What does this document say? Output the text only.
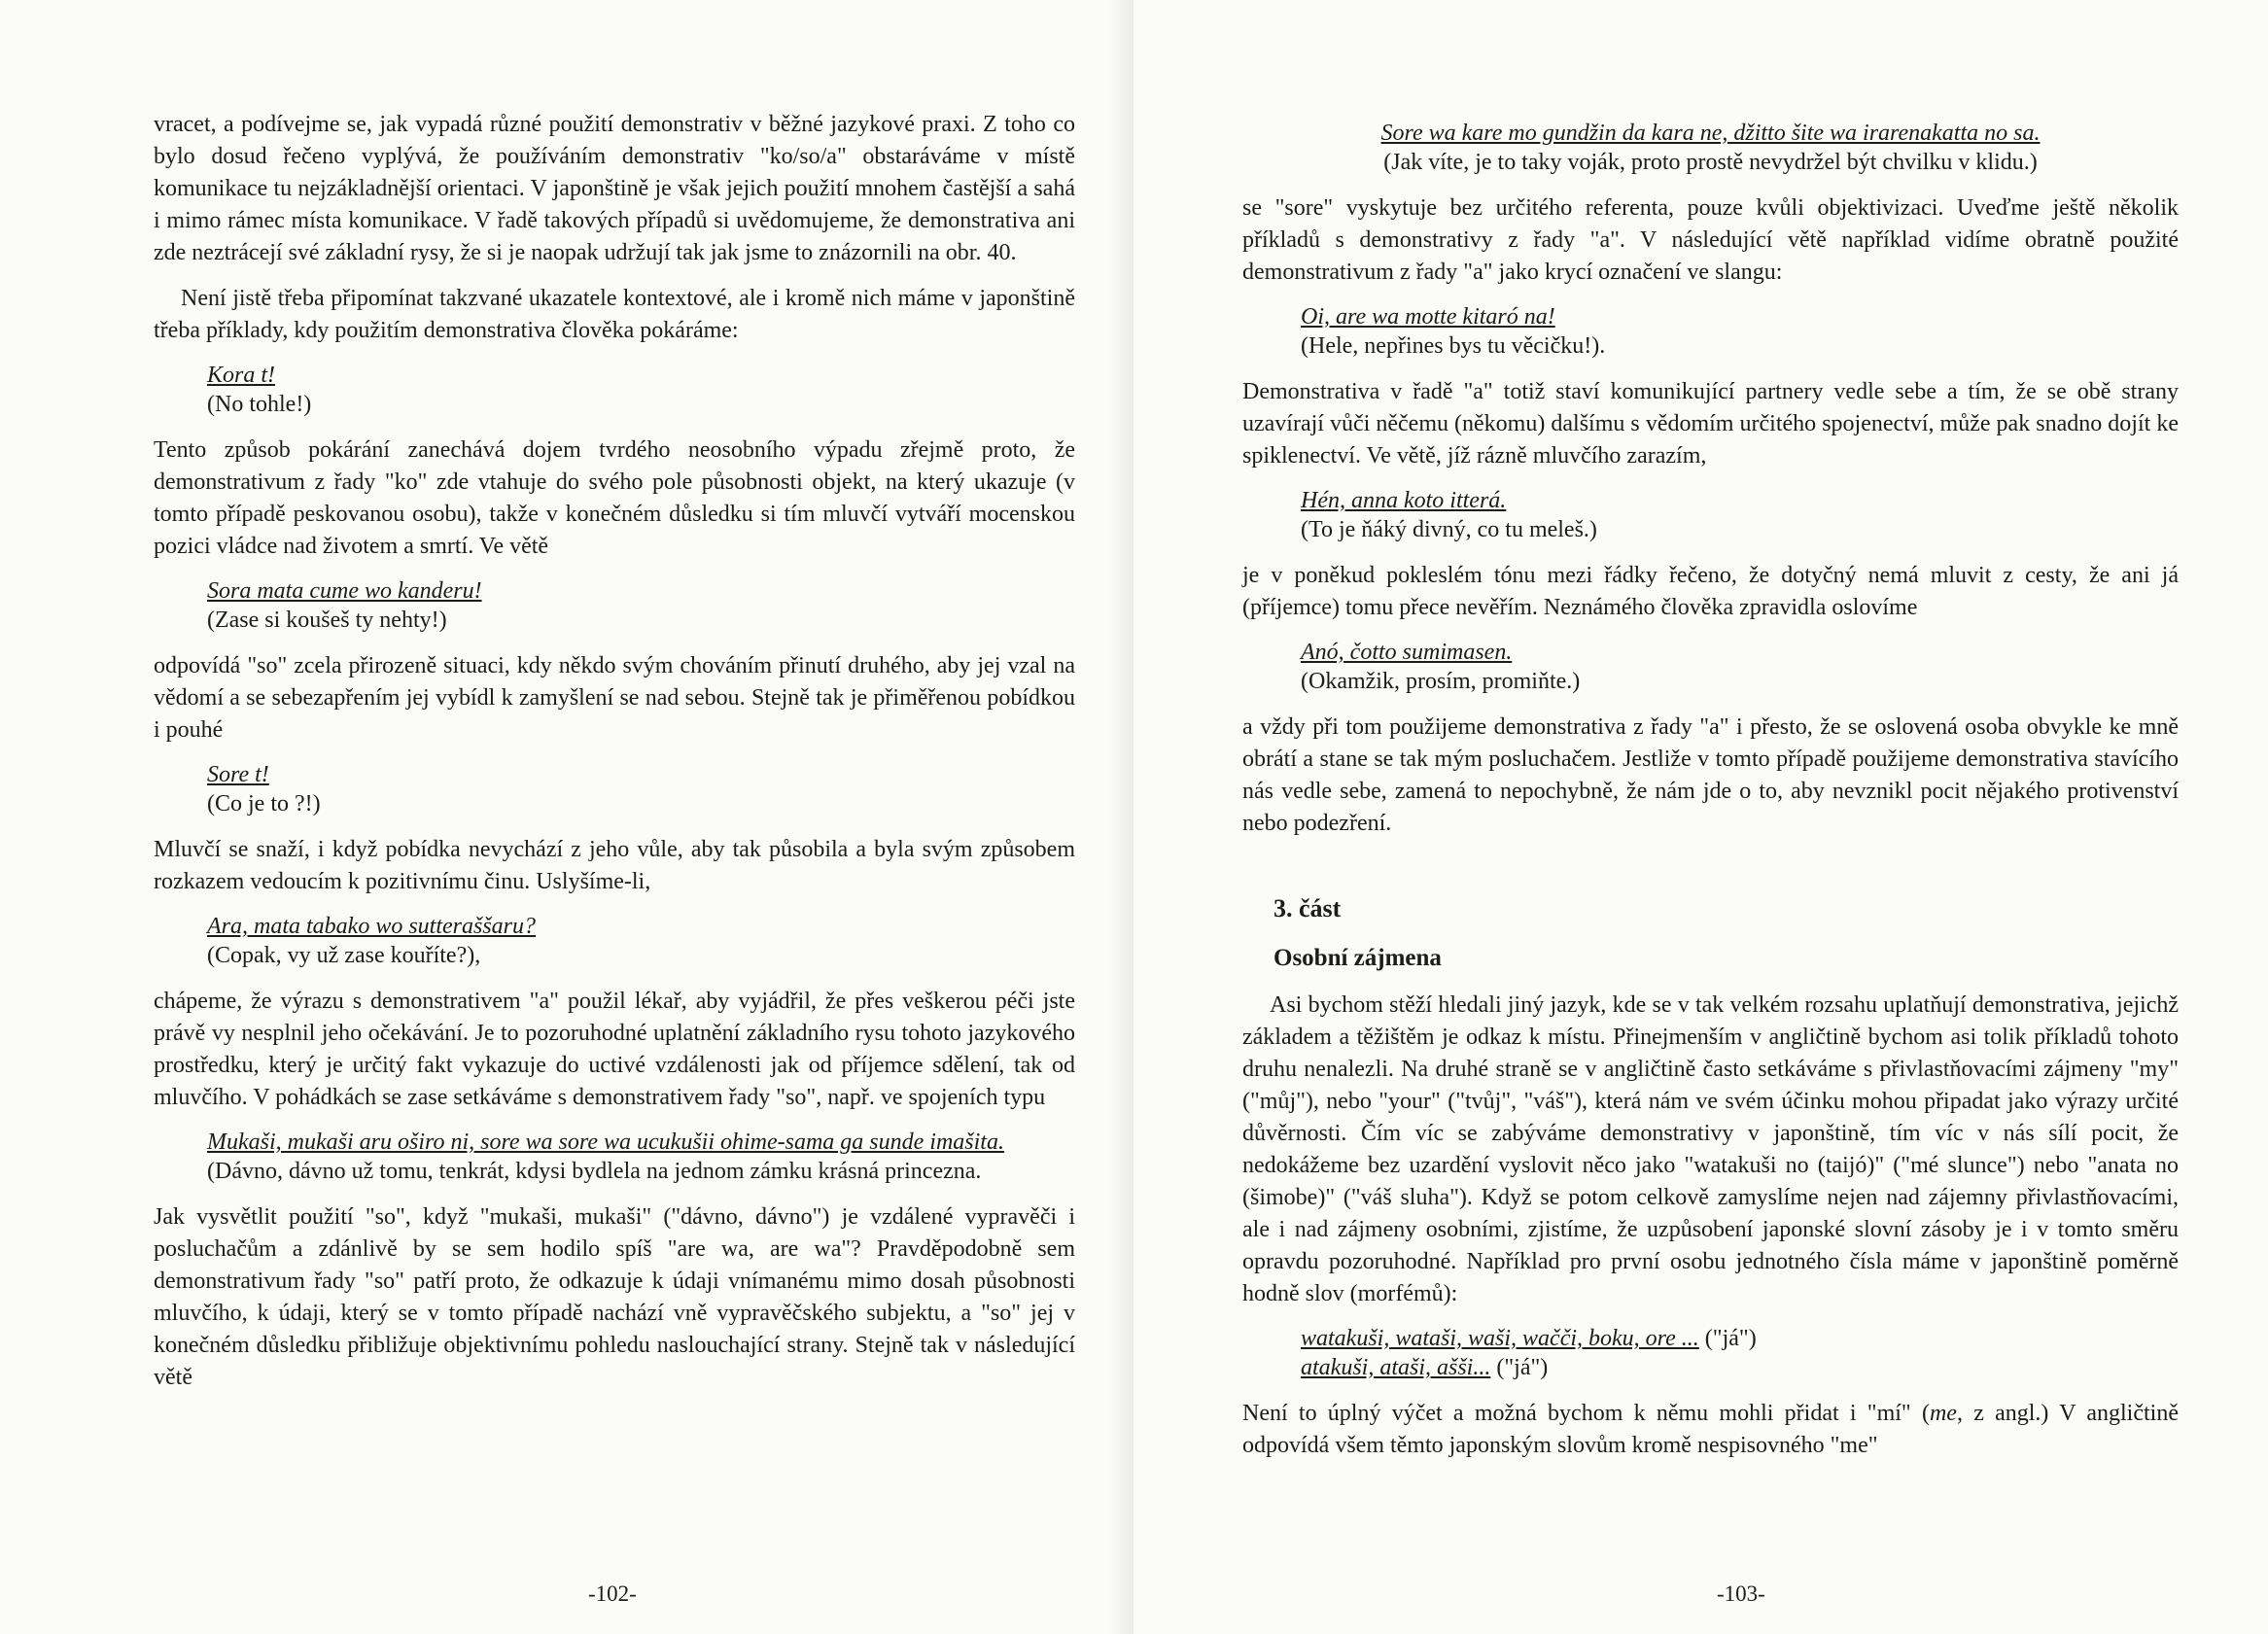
vracet, a podívejme se, jak vypadá různé použití demonstrativ v běžné jazykové praxi. Z toho co bylo dosud řečeno vyplývá, že používáním demonstrativ "ko/so/a" obstaráváme v místě komunikace tu nejzákladnější orientaci. V japonštině je však jejich použití mnohem častější a sahá i mimo rámec místa komunikace. V řadě takových případů si uvědomujeme, že demonstrativa ani zde neztrácejí své základní rysy, že si je naopak udržují tak jak jsme to znázornili na obr. 40.

Není jistě třeba připomínat takzvané ukazatele kontextové, ale i kromě nich máme v japonštině třeba příklady, kdy použitím demonstrativa člověka pokáráme:

Kora t!
(No tohle!)

Tento způsob pokárání zanechává dojem tvrdého neosobního výpadu zřejmě proto, že demonstrativum z řady "ko" zde vtahuje do svého pole působnosti objekt, na který ukazuje (v tomto případě peskovanou osobu), takže v konečném důsledku si tím mluvčí vytváří mocenskou pozici vládce nad životem a smrtí. Ve větě

Sora mata cume wo kanderu!
(Zase si koušeš ty nehty!)

odpovídá "so" zcela přirozeně situaci, kdy někdo svým chováním přinutí druhého, aby jej vzal na vědomí a se sebezapřením jej vybídl k zamyšlení se nad sebou. Stejně tak je přiměřenou pobídkou i pouhé

Sore t!
(Co je to ?!)

Mluvčí se snaží, i když pobídka nevychází z jeho vůle, aby tak působila a byla svým způsobem rozkazem vedoucím k pozitivnímu činu. Uslyšíme-li,

Ara, mata tabako wo sutteraššaru?
(Copak, vy už zase kouříte?),

chápeme, že výrazu s demonstrativem "a" použil lékař, aby vyjádřil, že přes veškerou péči jste právě vy nesplnil jeho očekávání. Je to pozoruhodné uplatnění základního rysu tohoto jazykového prostředku, který je určitý fakt vykazuje do uctivé vzdálenosti jak od příjemce sdělení, tak od mluvčího. V pohádkách se zase setkáváme s demonstrativem řady "so", např. ve spojeních typu

Mukaši, mukaši aru oširo ni, sore wa sore wa ucukušii ohime-sama ga sunde imašita.
(Dávno, dávno už tomu, tenkrát, kdysi bydlela na jednom zámku krásná princezna.

Jak vysvětlit použití "so", když "mukaši, mukaši" ("dávno, dávno") je vzdálené vypravěči i posluchačům a zdánlivě by se sem hodilo spíš "are wa, are wa"? Pravděpodobně sem demonstrativum řady "so" patří proto, že odkazuje k údaji vnímanému mimo dosah působnosti mluvčího, k údaji, který se v tomto případě nachází vně vypravěčského subjektu, a "so" jej v konečném důsledku přibližuje objektivnímu pohledu naslouchající strany. Stejně tak v následující větě

-102-
Sore wa kare mo gundžin da kara ne, džitto šite wa irarenakatta no sa.
(Jak víte, je to taky voják, proto prostě nevydržel být chvilku v klidu.)

se "sore" vyskytuje bez určitého referenta, pouze kvůli objektivizaci. Uveďme ještě několik příkladů s demonstrativy z řady "a". V následující větě například vidíme obratně použité demonstrativum z řady "a" jako krycí označení ve slangu:

Oi, are wa motte kitaró na!
(Hele, nepřines bys tu věcičku!).

Demonstrativa v řadě "a" totiž staví komunikující partnery vedle sebe a tím, že se obě strany uzavírají vůči něčemu (někomu) dalšímu s vědomím určitého spojenectví, může pak snadno dojít ke spiklenectví. Ve větě, jíž rázně mluvčího zarazím,

Hén, anna koto itterá.
(To je ňáký divný, co tu meleš.)

je v poněkud pokleslém tónu mezi řádky řečeno, že dotyčný nemá mluvit z cesty, že ani já (příjemce) tomu přece nevěřím. Neznámého člověka zpravidla oslovíme

Anó, čotto sumimasen.
(Okamžik, prosím, promiňte.)

a vždy při tom použijeme demonstrativa z řady "a" i přesto, že se oslovená osoba obvykle ke mně obrátí a stane se tak mým posluchačem. Jestliže v tomto případě použijeme demonstrativa stavícího nás vedle sebe, zamená to nepochybně, že nám jde o to, aby nevznikl pocit nějakého protivenství nebo podezření.

3. část
Osobní zájmena

Asi bychom stěží hledali jiný jazyk, kde se v tak velkém rozsahu uplatňují demonstrativa, jejichž základem a těžištěm je odkaz k místu. Přinejmenším v angličtině bychom asi tolik příkladů tohoto druhu nenalezli. Na druhé straně se v angličtině často setkáváme s přivlastňovacími zájmeny "my" ("můj"), nebo "your" ("tvůj", "váš"), která nám ve svém účinku mohou připadat jako výrazy určité důvěrnosti. Čím víc se zabýváme demonstrativy v japonštině, tím víc v nás sílí pocit, že nedokážeme bez uzardění vyslovit něco jako "watakuši no (taijó)" ("mé slunce") nebo "anata no (šimobe)" ("váš sluha"). Když se potom celkově zamyslíme nejen nad zájemny přivlastňovacími, ale i nad zájmeny osobními, zjistíme, že uzpůsobení japonské slovní zásoby je i v tomto směru opravdu pozoruhodné. Například pro první osobu jednotného čísla máme v japonštině poměrně hodně slov (morfémů):

watakuši, wataši, waši, wačči, boku, ore ... ("já")
atakuši, ataši, ašši... ("já")

Není to úplný výčet a možná bychom k němu mohli přidat i "mí" (me, z angl.) V angličtině odpovídá všem těmto japonským slovům kromě nespisovného "me"

-103-
